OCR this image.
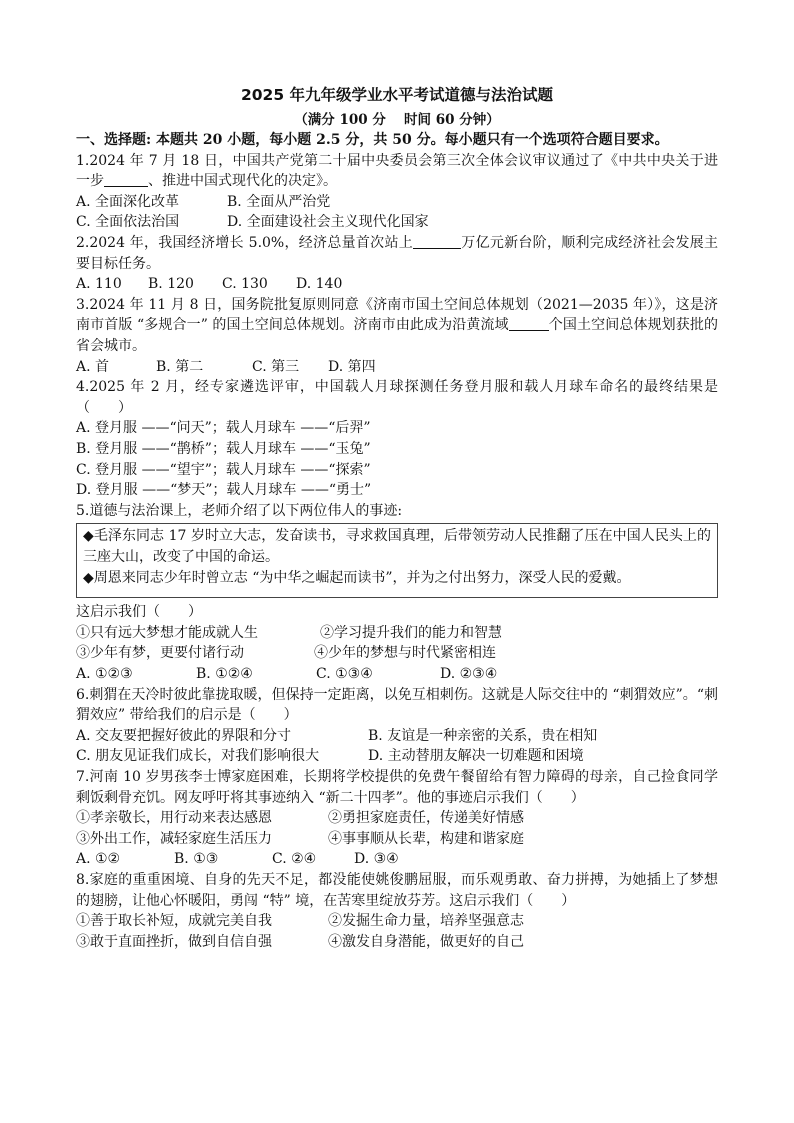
2025 年九年级学业水平考试道德与法治试题

（满分 100 分　 时间 60 分钟）

一、选择题: 本题共 20 小题，每小题 2.5 分，共 50 分。每小题只有一个选项符合题目要求。

1.2024 年 7 月 18 日，中国共产党第二十届中央委员会第三次全体会议审议通过了《中共中央关于进一步	、推进中国式现代化的决定》。

A. 全面深化改革	B. 全面从严治党
C. 全面依法治国	D. 全面建设社会主义现代化国家

2.2024 年，我国经济增长 5.0%，经济总量首次站上	万亿元新台阶，顺利完成经济社会发展主要目标任务。

A. 110	B. 120	C. 130	D. 140

3.2024 年 11 月 8 日，国务院批复原则同意《济南市国土空间总体规划（2021—2035 年）》，这是济南市首版 “多规合一” 的国土空间总体规划。济南市由此成为沿黄流域	个国土空间总体规划获批的省会城市。

A. 首	B. 第二	C. 第三	D. 第四

4.2025 年 2 月，经专家遴选评审，中国载人月球探测任务登月服和载人月球车命名的最终结果是（　　）

A. 登月服 ——“问天”；载人月球车 ——“后羿”

B. 登月服 ——“鹊桥”；载人月球车 ——“玉兔”

C. 登月服 ——“望宇”；载人月球车 ——“探索”

D. 登月服 ——“梦天”；载人月球车 ——“勇士”

5.道德与法治课上，老师介绍了以下两位伟人的事迹:

◆毛泽东同志 17 岁时立大志，发奋读书，寻求救国真理，后带领劳动人民推翻了压在中国人民头上的三座大山，改变了中国的命运。

◆周恩来同志少年时曾立志 “为中华之崛起而读书”，并为之付出努力，深受人民的爱戴。

这启示我们（　　）

①只有远大梦想才能成就人生	②学习提升我们的能力和智慧
③少年有梦，更要付诸行动	④少年的梦想与时代紧密相连
A. ①②③	B. ①②④	C. ①③④	D. ②③④

6.刺猬在天冷时彼此靠拢取暖，但保持一定距离，以免互相刺伤。这就是人际交往中的 “刺猬效应”。“刺猬效应” 带给我们的启示是（　　）

A. 交友要把握好彼此的界限和分寸	B. 友谊是一种亲密的关系，贵在相知
C. 朋友见证我们成长，对我们影响很大	D. 主动替朋友解决一切难题和困境

7.河南 10 岁男孩李士博家庭困难，长期将学校提供的免费午餐留给有智力障碍的母亲，自己捡食同学剩饭剩骨充饥。网友呼吁将其事迹纳入 “新二十四孝”。他的事迹启示我们（　　）

①孝亲敬长，用行动来表达感恩	②勇担家庭责任，传递美好情感
③外出工作，减轻家庭生活压力	④事事顺从长辈，构建和谐家庭
A. ①②	B. ①③	C. ②④	D. ③④

8.家庭的重重困境、自身的先天不足，都没能使姚俊鹏屈服，而乐观勇敢、奋力拼搏，为她插上了梦想的翅膀，让他心怀暖阳，勇闯 “特” 境，在苦寒里绽放芬芳。这启示我们（　　）

①善于取长补短，成就完美自我	②发掘生命力量，培养坚强意志
③敢于直面挫折，做到自信自强	④激发自身潜能，做更好的自己
